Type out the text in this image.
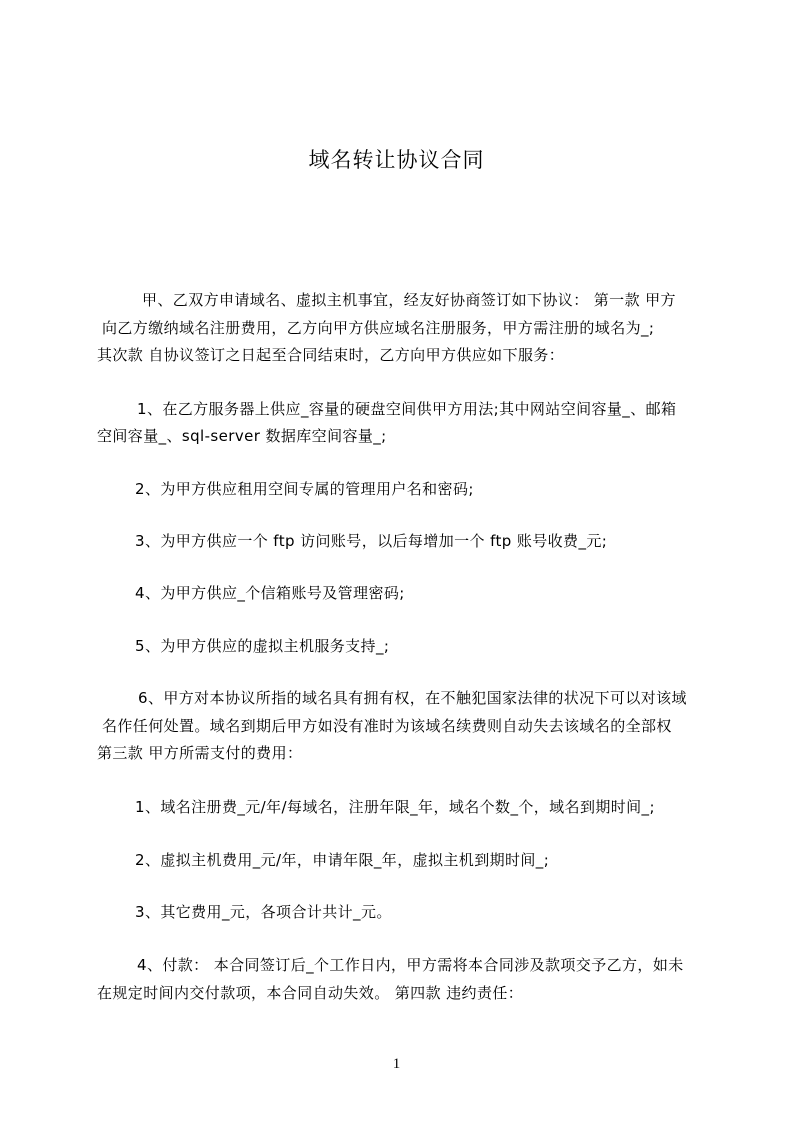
域名转让协议合同
甲、乙双方申请域名、虚拟主机事宜，经友好协商签订如下协议： 第一款 甲方
向乙方缴纳域名注册费用，乙方向甲方供应域名注册服务，甲方需注册的域名为_;
其次款 自协议签订之日起至合同结束时，乙方向甲方供应如下服务：
1、在乙方服务器上供应_容量的硬盘空间供甲方用法;其中网站空间容量_、邮箱
空间容量_、sql-server 数据库空间容量_;
2、为甲方供应租用空间专属的管理用户名和密码;
3、为甲方供应一个 ftp 访问账号，以后每增加一个 ftp 账号收费_元;
4、为甲方供应_个信箱账号及管理密码;
5、为甲方供应的虚拟主机服务支持_;
6、甲方对本协议所指的域名具有拥有权，在不触犯国家法律的状况下可以对该域
名作任何处置。域名到期后甲方如没有准时为该域名续费则自动失去该域名的全部权
第三款 甲方所需支付的费用：
1、域名注册费_元/年/每域名，注册年限_年，域名个数_个，域名到期时间_;
2、虚拟主机费用_元/年，申请年限_年，虚拟主机到期时间_;
3、其它费用_元，各项合计共计_元。
4、付款： 本合同签订后_个工作日内，甲方需将本合同涉及款项交予乙方，如未
在规定时间内交付款项，本合同自动失效。 第四款 违约责任：
1
